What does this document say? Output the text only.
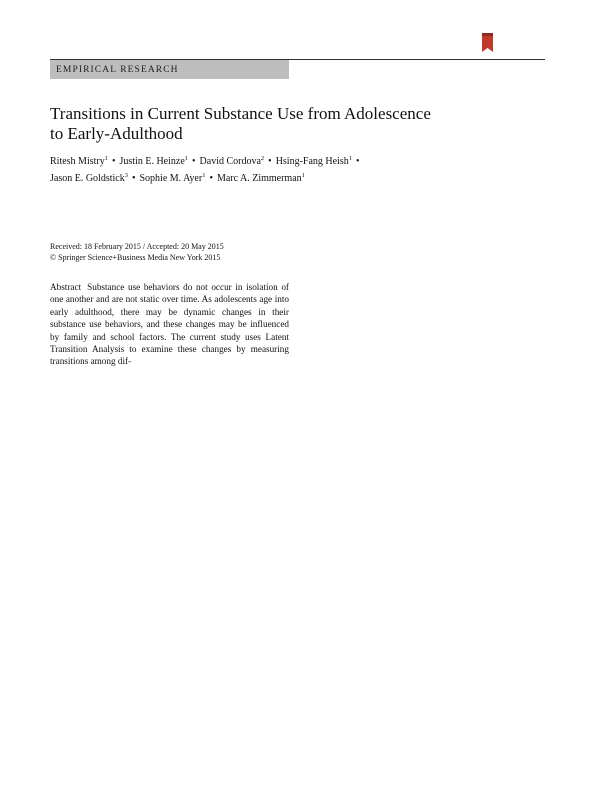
EMPIRICAL RESEARCH
Transitions in Current Substance Use from Adolescence
to Early-Adulthood
Ritesh Mistry$^1$ • Justin E. Heinze$^1$ • David Cordova$^2$ • Hsing-Fang Heish$^1$ •
Jason E. Goldstick$^3$ • Sophie M. Ayer$^1$ • Marc A. Zimmerman$^1$
Received: 18 February 2015 / Accepted: 20 May 2015
© Springer Science+Business Media New York 2015

Abstract Substance use behaviors do not occur in isolation of one another and are not static over time. As adolescents age into early adulthood, there may be dynamic changes in their substance use behaviors, and these changes may be influenced by family and school factors. The current study uses Latent Transition Analysis to examine these changes by measuring transitions among dif-
